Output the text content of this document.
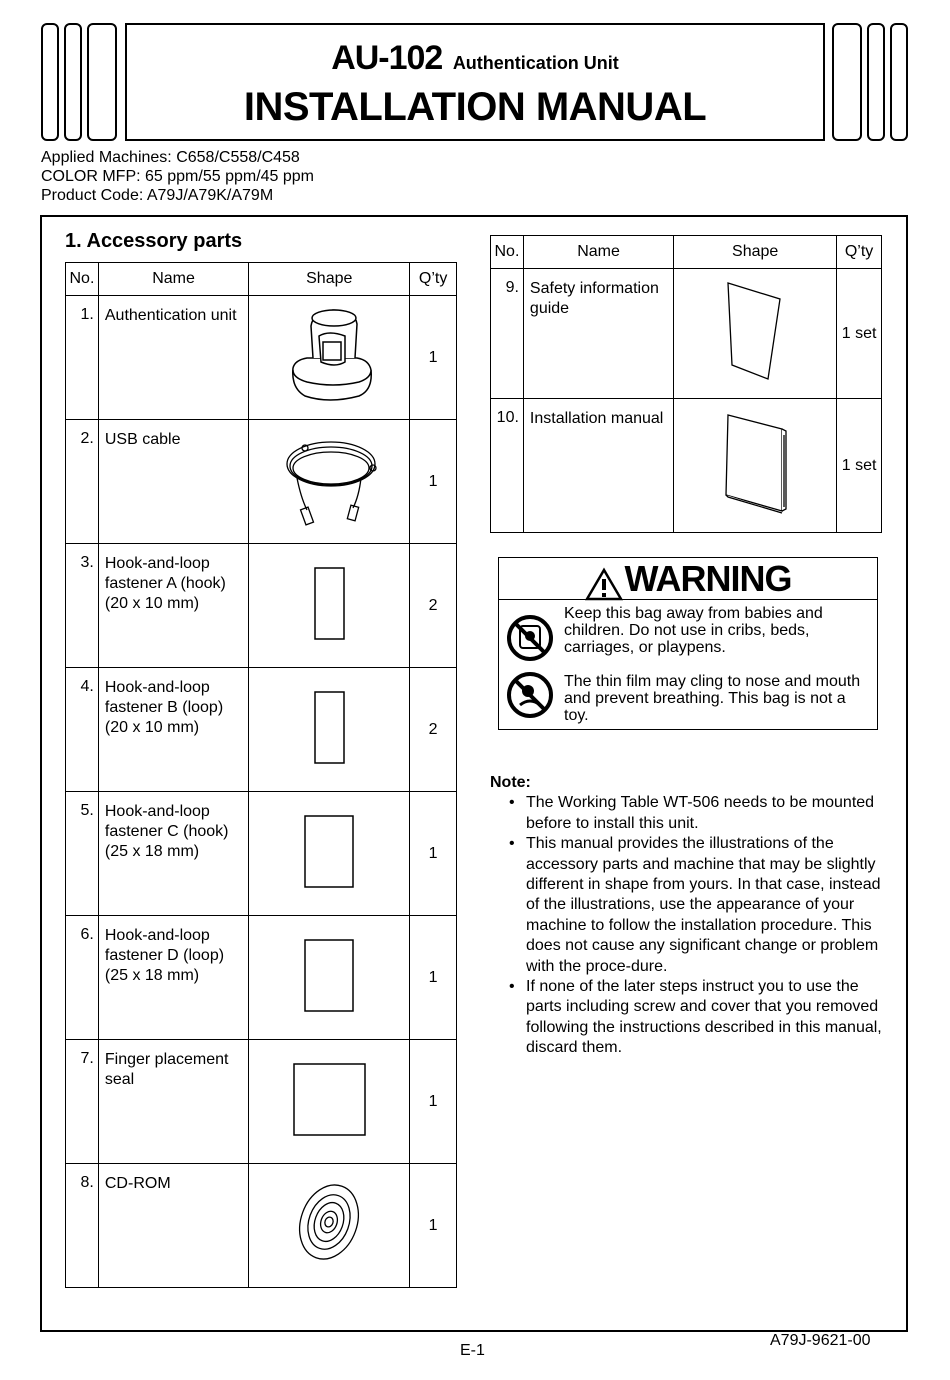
AU-102 Authentication Unit
INSTALLATION MANUAL
Applied Machines: C658/C558/C458
COLOR MFP: 65 ppm/55 ppm/45 ppm
Product Code: A79J/A79K/A79M
1. Accessory parts
No.	Name	Shape	Q’ty
1.	Authentication unit		1
2.	USB cable		1
3.	Hook-and-loop fastener A (hook) (20 x 10 mm)		2
4.	Hook-and-loop fastener B (loop) (20 x 10 mm)		2
5.	Hook-and-loop fastener C (hook) (25 x 18 mm)		1
6.	Hook-and-loop fastener D (loop) (25 x 18 mm)		1
7.	Finger placement seal		1
8.	CD-ROM		1
No.	Name	Shape	Q’ty
9.	Safety information guide		1 set
10.	Installation manual		1 set
WARNING
Keep this bag away from babies and children. Do not use in cribs, beds, carriages, or playpens.
The thin film may cling to nose and mouth and prevent breathing. This bag is not a toy.
Note:
• The Working Table WT-506 needs to be mounted before to install this unit.
• This manual provides the illustrations of the accessory parts and machine that may be slightly different in shape from yours. In that case, instead of the illustrations, use the appearance of your machine to follow the installation procedure. This does not cause any significant change or problem with the proce-dure.
• If none of the later steps instruct you to use the parts including screw and cover that you removed following the instructions described in this manual, discard them.
A79J-9621-00
E-1
